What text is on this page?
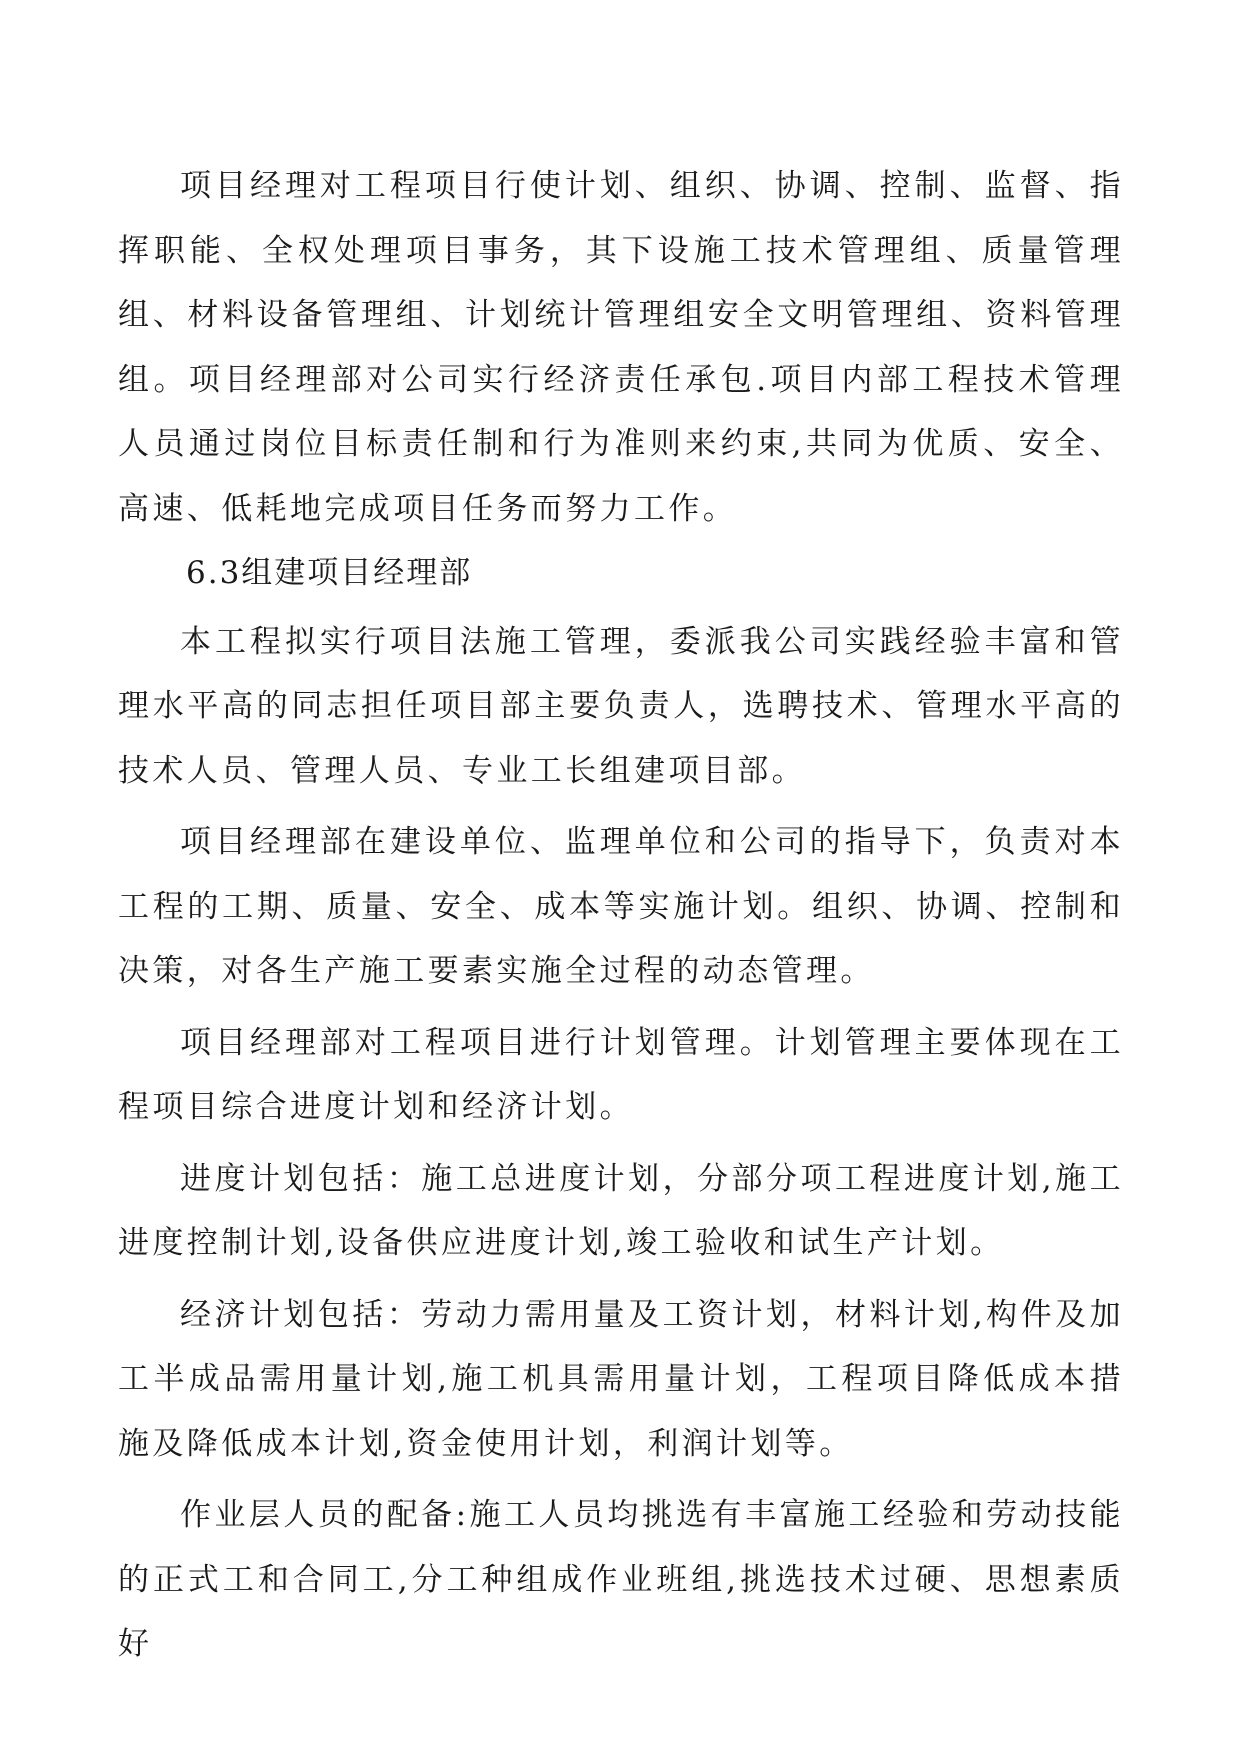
项目经理对工程项目行使计划、组织、协调、控制、监督、指挥职能、全权处理项目事务，其下设施工技术管理组、质量管理组、材料设备管理组、计划统计管理组安全文明管理组、资料管理组。项目经理部对公司实行经济责任承包.项目内部工程技术管理人员通过岗位目标责任制和行为准则来约束,共同为优质、安全、高速、低耗地完成项目任务而努力工作。

6.3组建项目经理部

本工程拟实行项目法施工管理，委派我公司实践经验丰富和管理水平高的同志担任项目部主要负责人，选聘技术、管理水平高的技术人员、管理人员、专业工长组建项目部。

项目经理部在建设单位、监理单位和公司的指导下，负责对本工程的工期、质量、安全、成本等实施计划。组织、协调、控制和决策，对各生产施工要素实施全过程的动态管理。

项目经理部对工程项目进行计划管理。计划管理主要体现在工程项目综合进度计划和经济计划。

进度计划包括：施工总进度计划，分部分项工程进度计划,施工进度控制计划,设备供应进度计划,竣工验收和试生产计划。

经济计划包括：劳动力需用量及工资计划，材料计划,构件及加工半成品需用量计划,施工机具需用量计划，工程项目降低成本措施及降低成本计划,资金使用计划，利润计划等。

作业层人员的配备:施工人员均挑选有丰富施工经验和劳动技能的正式工和合同工,分工种组成作业班组,挑选技术过硬、思想素质好
